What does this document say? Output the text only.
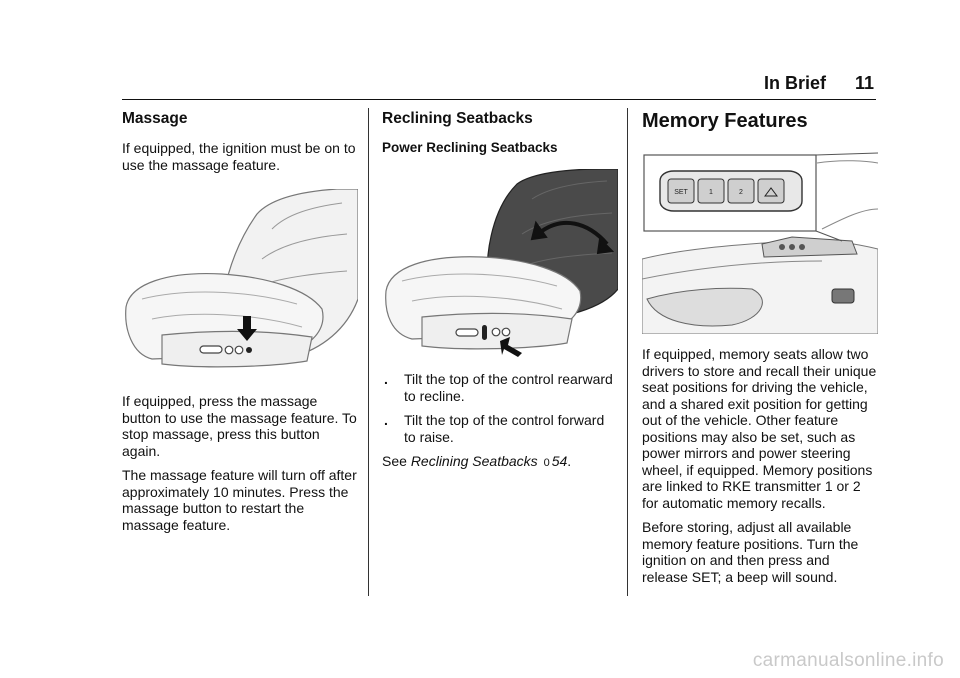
In Brief 11
Massage

If equipped, the ignition must be on to use the massage feature.

If equipped, press the massage button to use the massage feature. To stop massage, press this button again.

The massage feature will turn off after approximately 10 minutes. Press the massage button to restart the massage feature.

Reclining Seatbacks
Power Reclining Seatbacks
. Tilt the top of the control rearward to recline.
. Tilt the top of the control forward to raise.

See Reclining Seatbacks 0 54.

Memory Features
SET	1	2

If equipped, memory seats allow two drivers to store and recall their unique seat positions for driving the vehicle, and a shared exit position for getting out of the vehicle. Other feature positions may also be set, such as power mirrors and power steering wheel, if equipped. Memory positions are linked to RKE transmitter 1 or 2 for automatic memory recalls.

Before storing, adjust all available memory feature positions. Turn the ignition on and then press and release SET; a beep will sound.

carmanualsonline.info
